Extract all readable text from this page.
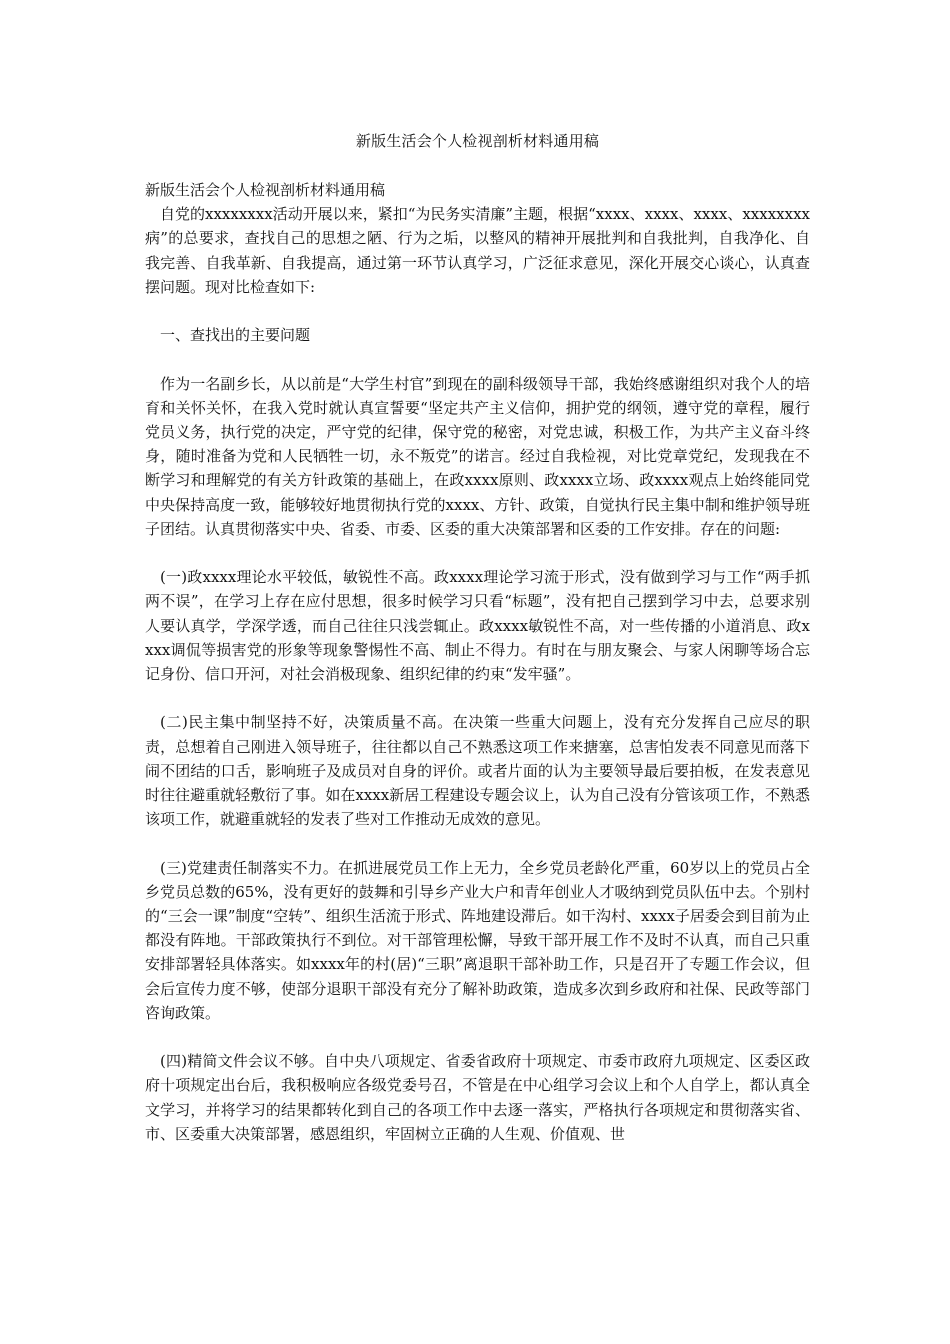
新版生活会个人检视剖析材料通用稿

新版生活会个人检视剖析材料通用稿

自党的xxxxxxxx活动开展以来，紧扣“为民务实清廉”主题，根据“xxxx、xxxx、xxxx、xxxxxxxx病”的总要求，查找自己的思想之陋、行为之垢，以整风的精神开展批判和自我批判，自我净化、自我完善、自我革新、自我提高，通过第一环节认真学习，广泛征求意见，深化开展交心谈心，认真查摆问题。现对比检查如下:

一、查找出的主要问题

作为一名副乡长，从以前是“大学生村官”到现在的副科级领导干部，我始终感谢组织对我个人的培育和关怀关怀，在我入党时就认真宣誓要“坚定共产主义信仰，拥护党的纲领，遵守党的章程，履行党员义务，执行党的决定，严守党的纪律，保守党的秘密，对党忠诚，积极工作，为共产主义奋斗终身，随时准备为党和人民牺牲一切，永不叛党”的诺言。经过自我检视，对比党章党纪，发现我在不断学习和理解党的有关方针政策的基础上，在政xxxx原则、政xxxx立场、政xxxx观点上始终能同党中央保持高度一致，能够较好地贯彻执行党的xxxx、方针、政策，自觉执行民主集中制和维护领导班子团结。认真贯彻落实中央、省委、市委、区委的重大决策部署和区委的工作安排。存在的问题:

(一)政xxxx理论水平较低，敏锐性不高。政xxxx理论学习流于形式，没有做到学习与工作“两手抓两不误”，在学习上存在应付思想，很多时候学习只看“标题”，没有把自己摆到学习中去，总要求别人要认真学，学深学透，而自己往往只浅尝辄止。政xxxx敏锐性不高，对一些传播的小道消息、政xxxx调侃等损害党的形象等现象警惕性不高、制止不得力。有时在与朋友聚会、与家人闲聊等场合忘记身份、信口开河，对社会消极现象、组织纪律的约束“发牢骚”。

(二)民主集中制坚持不好，决策质量不高。在决策一些重大问题上，没有充分发挥自己应尽的职责，总想着自己刚进入领导班子，往往都以自己不熟悉这项工作来搪塞，总害怕发表不同意见而落下闹不团结的口舌，影响班子及成员对自身的评价。或者片面的认为主要领导最后要拍板，在发表意见时往往避重就轻敷衍了事。如在xxxx新居工程建设专题会议上，认为自己没有分管该项工作，不熟悉该项工作，就避重就轻的发表了些对工作推动无成效的意见。

(三)党建责任制落实不力。在抓进展党员工作上无力，全乡党员老龄化严重，60岁以上的党员占全乡党员总数的65%，没有更好的鼓舞和引导乡产业大户和青年创业人才吸纳到党员队伍中去。个别村的“三会一课”制度“空转”、组织生活流于形式、阵地建设滞后。如干沟村、xxxx子居委会到目前为止都没有阵地。干部政策执行不到位。对干部管理松懈，导致干部开展工作不及时不认真，而自己只重安排部署轻具体落实。如xxxx年的村(居)“三职”离退职干部补助工作，只是召开了专题工作会议，但会后宣传力度不够，使部分退职干部没有充分了解补助政策，造成多次到乡政府和社保、民政等部门咨询政策。

(四)精简文件会议不够。自中央八项规定、省委省政府十项规定、市委市政府九项规定、区委区政府十项规定出台后，我积极响应各级党委号召，不管是在中心组学习会议上和个人自学上，都认真全文学习，并将学习的结果都转化到自己的各项工作中去逐一落实，严格执行各项规定和贯彻落实省、市、区委重大决策部署，感恩组织，牢固树立正确的人生观、价值观、世
